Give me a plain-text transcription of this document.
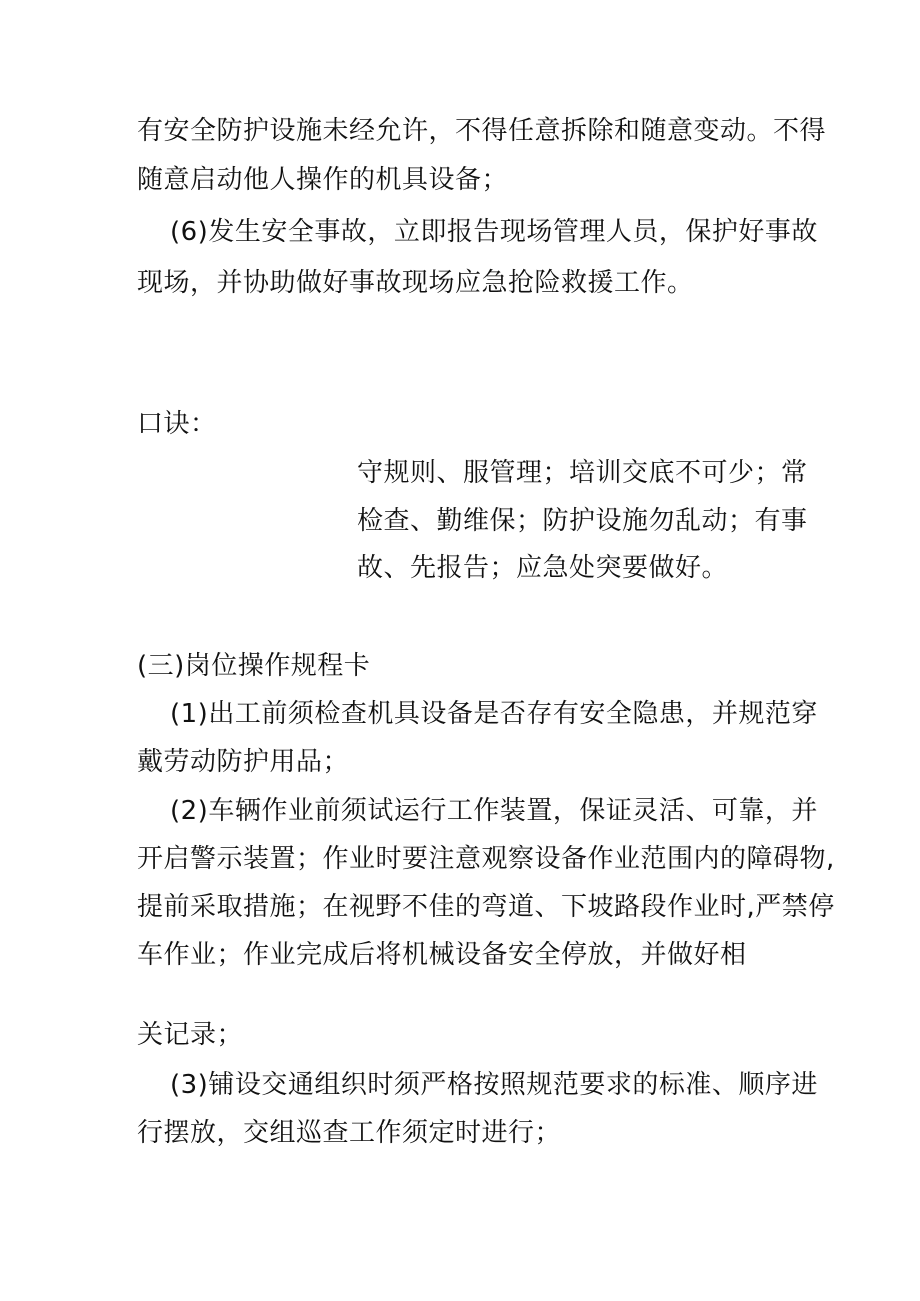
有安全防护设施未经允许，不得任意拆除和随意变动。不得
随意启动他人操作的机具设备；
(6)发生安全事故，立即报告现场管理人员，保护好事故
现场，并协助做好事故现场应急抢险救援工作。
口诀：
守规则、服管理；培训交底不可少；常
检查、勤维保；防护设施勿乱动；有事
故、先报告；应急处突要做好。
(三)岗位操作规程卡
(1)出工前须检查机具设备是否存有安全隐患，并规范穿
戴劳动防护用品；
(2)车辆作业前须试运行工作装置，保证灵活、可靠，并
开启警示装置；作业时要注意观察设备作业范围内的障碍物,
提前采取措施；在视野不佳的弯道、下坡路段作业时,严禁停
车作业；作业完成后将机械设备安全停放，并做好相
关记录；
(3)铺设交通组织时须严格按照规范要求的标准、顺序进
行摆放，交组巡查工作须定时进行；
